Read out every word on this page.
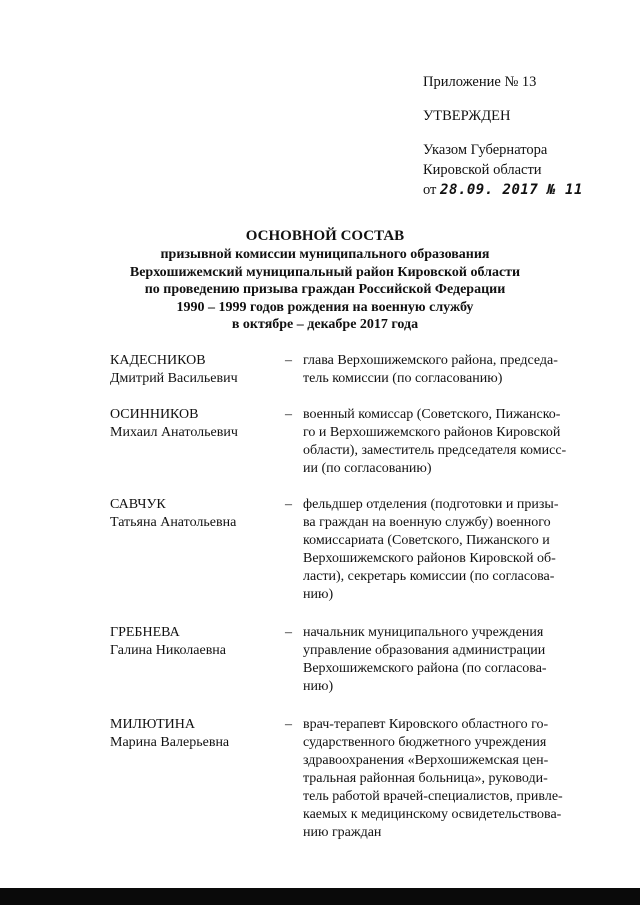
Приложение № 13
УТВЕРЖДЕН
Указом Губернатора
Кировской области
от 28.09. 2017 № 11
ОСНОВНОЙ СОСТАВ
призывной комиссии муниципального образования
Верхошижемский муниципальный район Кировской области
по проведению призыва граждан Российской Федерации
1990 – 1999 годов рождения на военную службу
в октябре – декабре 2017 года
КАДЕСНИКОВ
Дмитрий Васильевич
– глава Верхошижемского района, председа-
тель комиссии (по согласованию)
ОСИННИКОВ
Михаил Анатольевич
– военный комиссар (Советского, Пижанско-
го и Верхошижемского районов Кировской
области), заместитель председателя комисс-
ии (по согласованию)
САВЧУК
Татьяна Анатольевна
– фельдшер отделения (подготовки и призы-
ва граждан на военную службу) военного
комиссариата (Советского, Пижанского и
Верхошижемского районов Кировской об-
ласти), секретарь комиссии (по согласова-
нию)
ГРЕБНЕВА
Галина Николаевна
– начальник муниципального учреждения
управление образования администрации
Верхошижемского района (по согласова-
нию)
МИЛЮТИНА
Марина Валерьевна
– врач-терапевт Кировского областного го-
сударственного бюджетного учреждения
здравоохранения «Верхошижемская цен-
тральная районная больница», руководи-
тель работой врачей-специалистов, привле-
каемых к медицинскому освидетельствова-
нию граждан
